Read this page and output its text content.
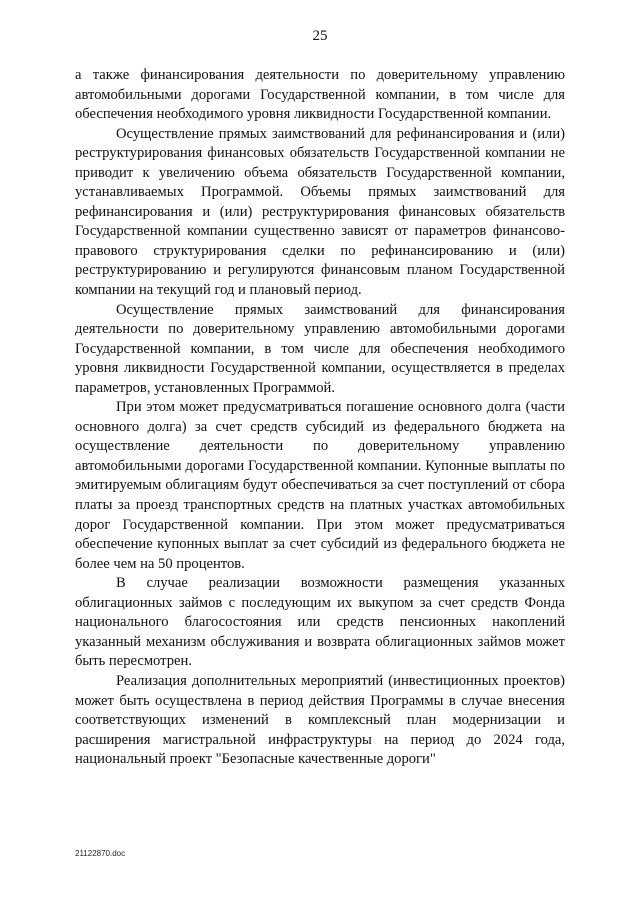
25

а также финансирования деятельности по доверительному управлению автомобильными дорогами Государственной компании, в том числе для обеспечения необходимого уровня ликвидности Государственной компании.

Осуществление прямых заимствований для рефинансирования и (или) реструктурирования финансовых обязательств Государственной компании не приводит к увеличению объема обязательств Государственной компании, устанавливаемых Программой. Объемы прямых заимствований для рефинансирования и (или) реструктурирования финансовых обязательств Государственной компании существенно зависят от параметров финансово-правового структурирования сделки по рефинансированию и (или) реструктурированию и регулируются финансовым планом Государственной компании на текущий год и плановый период.

Осуществление прямых заимствований для финансирования деятельности по доверительному управлению автомобильными дорогами Государственной компании, в том числе для обеспечения необходимого уровня ликвидности Государственной компании, осуществляется в пределах параметров, установленных Программой.

При этом может предусматриваться погашение основного долга (части основного долга) за счет средств субсидий из федерального бюджета на осуществление деятельности по доверительному управлению автомобильными дорогами Государственной компании. Купонные выплаты по эмитируемым облигациям будут обеспечиваться за счет поступлений от сбора платы за проезд транспортных средств на платных участках автомобильных дорог Государственной компании. При этом может предусматриваться обеспечение купонных выплат за счет субсидий из федерального бюджета не более чем на 50 процентов.

В случае реализации возможности размещения указанных облигационных займов с последующим их выкупом за счет средств Фонда национального благосостояния или средств пенсионных накоплений указанный механизм обслуживания и возврата облигационных займов может быть пересмотрен.

Реализация дополнительных мероприятий (инвестиционных проектов) может быть осуществлена в период действия Программы в случае внесения соответствующих изменений в комплексный план модернизации и расширения магистральной инфраструктуры на период до 2024 года, национальный проект "Безопасные качественные дороги"

21122870.doc
